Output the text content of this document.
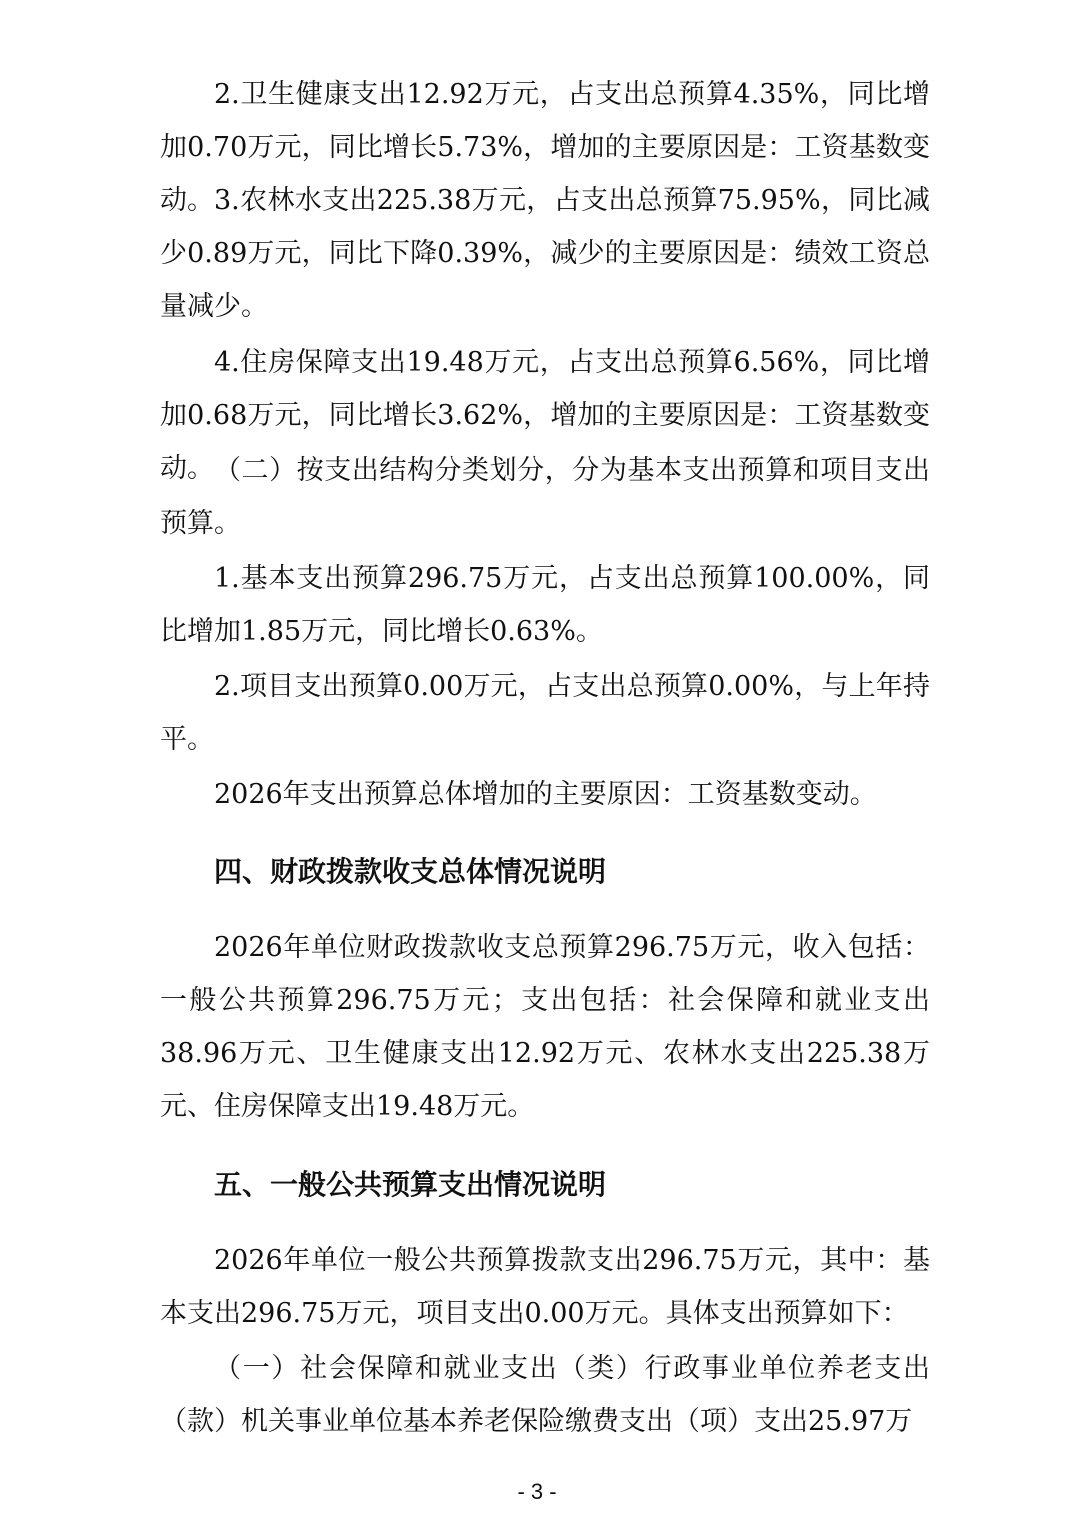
2.卫生健康支出12.92万元，占支出总预算4.35%，同比增加0.70万元，同比增长5.73%，增加的主要原因是：工资基数变动。 3.农林水支出225.38万元，占支出总预算75.95%，同比减少0.89万元，同比下降0.39%，减少的主要原因是：绩效工资总量减少。

4.住房保障支出19.48万元，占支出总预算6.56%，同比增加0.68万元，同比增长3.62%，增加的主要原因是：工资基数变动。 （二）按支出结构分类划分，分为基本支出预算和项目支出预算。

1.基本支出预算296.75万元，占支出总预算100.00%，同比增加1.85万元，同比增长0.63%。

2.项目支出预算0.00万元，占支出总预算0.00%，与上年持平。

2026年支出预算总体增加的主要原因：工资基数变动。

四、财政拨款收支总体情况说明

2026年单位财政拨款收支总预算296.75万元，收入包括：一般公共预算296.75万元；支出包括：社会保障和就业支出38.96万元、卫生健康支出12.92万元、农林水支出225.38万元、住房保障支出19.48万元。

五、一般公共预算支出情况说明

2026年单位一般公共预算拨款支出296.75万元，其中：基本支出296.75万元，项目支出0.00万元。具体支出预算如下：

（一）社会保障和就业支出（类）行政事业单位养老支出（款）机关事业单位基本养老保险缴费支出（项）支出25.97万

- 3 -
